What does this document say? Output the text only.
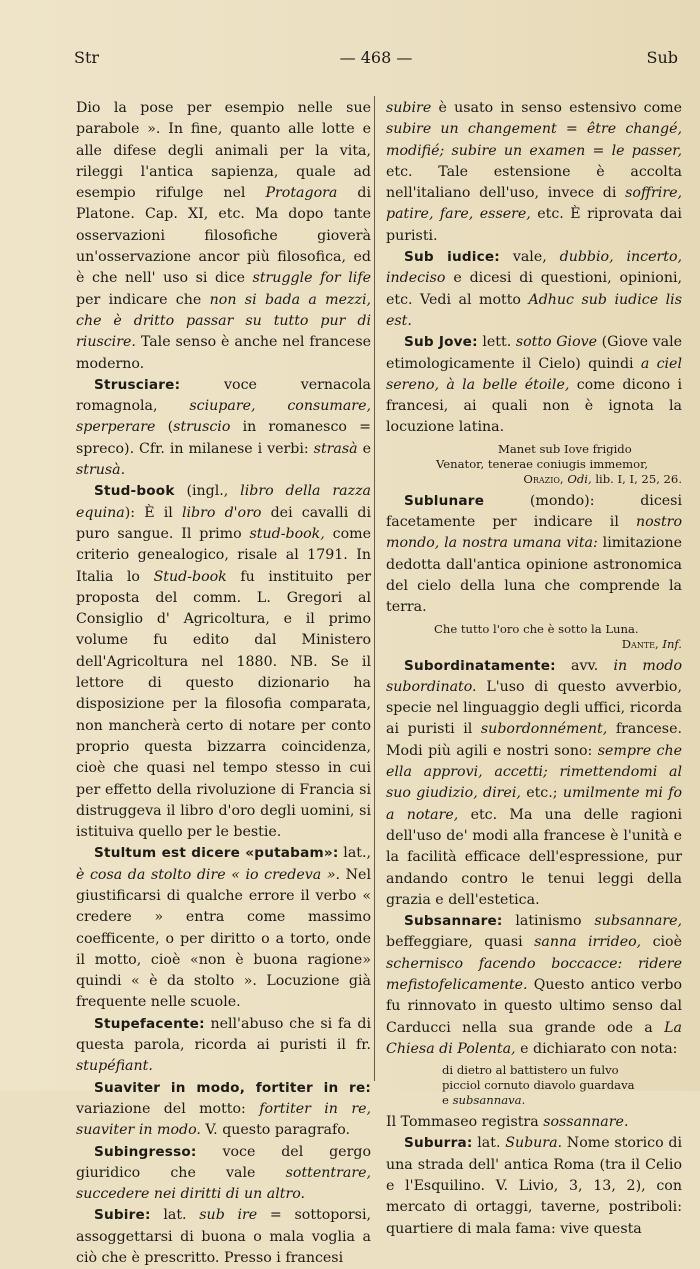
Str	— 468 —	Sub

Dio la pose per esempio nelle sue parabole ». In fine, quanto alle lotte e alle difese degli animali per la vita, rileggi l'antica sapienza, quale ad esempio rifulge nel Protagora di Platone. Cap. XI, etc. Ma dopo tante osservazioni filosofiche gioverà un'osservazione ancor più filosofica, ed è che nell' uso si dice struggle for life per indicare che non si bada a mezzi, che è dritto passar su tutto pur di riuscire. Tale senso è anche nel francese moderno.

Strusciare:	voce vernacola romagnola, sciupare, consumare, sperperare (struscio in romanesco = spreco). Cfr. in milanese i verbi: strasà e strusà.

Stud-book (ingl., libro della razza equina): È il libro d'oro dei cavalli di puro sangue. Il primo stud-book, come criterio genealogico, risale al 1791. In Italia lo Stud-book fu instituito per proposta del comm. L. Gregori al Consiglio d' Agricoltura, e il primo volume fu edito dal Ministero dell'Agricoltura nel 1880. NB. Se il lettore di questo dizionario ha disposizione per la filosofia comparata, non mancherà certo di notare per conto proprio questa bizzarra coincidenza, cioè che quasi nel tempo stesso in cui per effetto della rivoluzione di Francia si distruggeva il libro d'oro degli uomini, si istituiva quello per le bestie.

Stultum est dicere «putabam»: lat., è cosa da stolto dire « io credeva ». Nel giustificarsi di qualche errore il verbo « credere » entra come massimo coefficente, o per diritto o a torto, onde il motto, cioè «non è buona ragione» quindi « è da stolto ». Locuzione già frequente nelle scuole.

Stupefacente: nell'abuso che si fa di questa parola, ricorda ai puristi il fr. stupéfiant.

Suaviter in modo, fortiter in re: variazione del motto: fortiter in re, suaviter in modo. V. questo paragrafo.

Subingresso: voce del gergo giuridico che vale sottentrare, succedere nei diritti di un altro.

Subire: lat. sub ire = sottoporsi, assoggettarsi di buona o mala voglia a ciò che è prescritto. Presso i francesi

subire è usato in senso estensivo come subire un changement = être changé, modifié; subire un examen = le passer, etc. Tale estensione è accolta nell'italiano dell'uso, invece di soffrire, patire, fare, essere, etc. È riprovata dai puristi.

Sub iudice: vale, dubbio, incerto, indeciso e dicesi di questioni, opinioni, etc. Vedi al motto Adhuc sub iudice lis est.

Sub Jove: lett. sotto Giove (Giove vale etimologicamente il Cielo) quindi a ciel sereno, à la belle étoile, come dicono i francesi, ai quali non è ignota la locuzione latina.

Manet sub Iove frigido
Venator, tenerae coniugis immemor,
Orazio, Odi, lib. I, I, 25, 26.

Sublunare	(mondo): dicesi facetamente per indicare il nostro mondo, la nostra umana vita: limitazione dedotta dall'antica opinione astronomica del cielo della luna che comprende la terra.

Che tutto l'oro che è sotto la Luna.
Dante, Inf.

Subordinatamente: avv. in modo subordinato. L'uso di questo avverbio, specie nel linguaggio degli uffici, ricorda ai puristi il subordonnément, francese. Modi più agili e nostri sono: sempre che ella approvi, accetti; rimettendomi al suo giudizio, direi, etc.; umilmente mi fo a notare, etc. Ma una delle ragioni dell'uso de' modi alla francese è l'unità e la facilità efficace dell'espressione, pur andando contro le tenui leggi della grazia e dell'estetica.

Subsannare: latinismo subsannare, beffeggiare, quasi sanna irrideo, cioè schernisco facendo boccacce: ridere mefistofelicamente. Questo antico verbo fu rinnovato in questo ultimo senso dal Carducci nella sua grande ode a La Chiesa di Polenta, e dichiarato con nota:

di dietro al battistero un fulvo
picciol cornuto diavolo guardava
e subsannava.

Il Tommaseo registra sossannare.

Suburra: lat. Subura. Nome storico di una strada dell' antica Roma (tra il Celio e l'Esquilino. V. Livio, 3, 13, 2), con mercato di ortaggi, taverne, postriboli: quartiere di mala fama: vive questa
